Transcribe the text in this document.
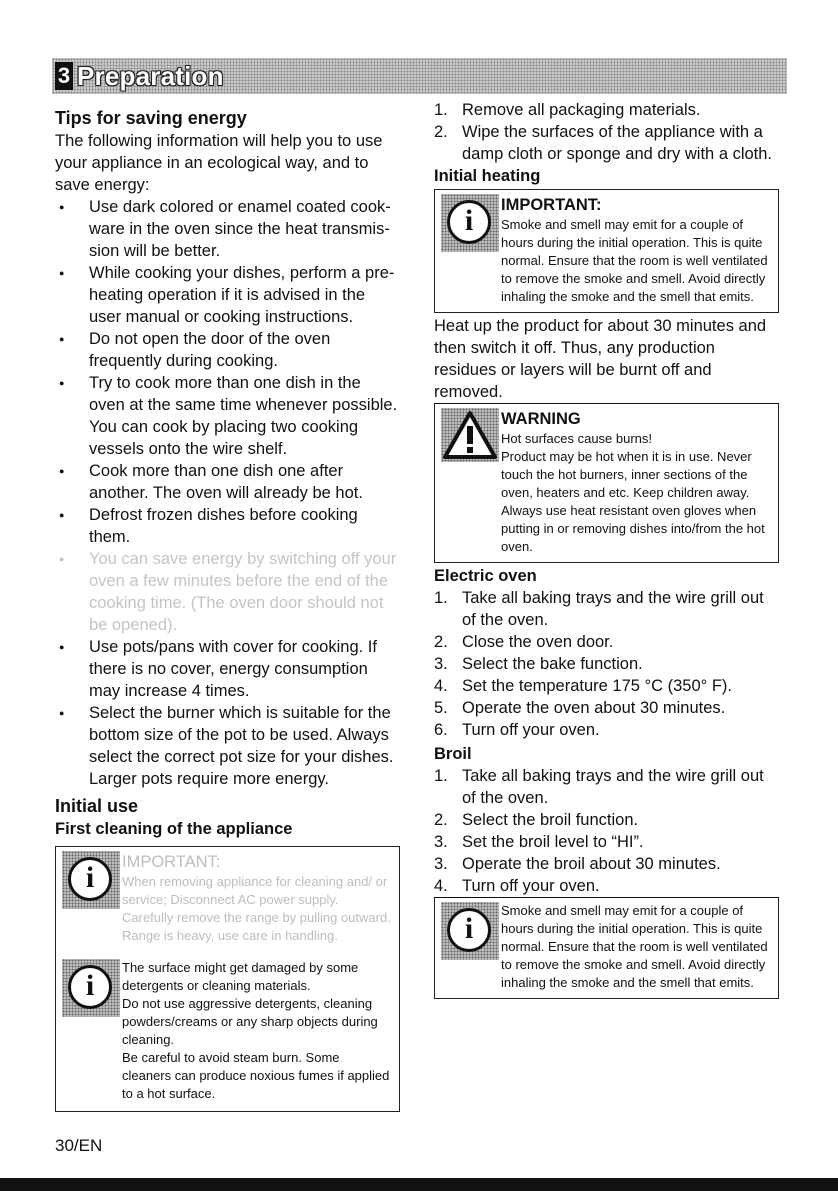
3 Preparation
Tips for saving energy

The following information will help you to use your appliance in an ecological way, and to save energy:

● Use dark colored or enamel coated cook-ware in the oven since the heat transmis-sion will be better.
● While cooking your dishes, perform a pre-heating operation if it is advised in the user manual or cooking instructions.
● Do not open the door of the oven frequently during cooking.
● Try to cook more than one dish in the oven at the same time whenever possible. You can cook by placing two cooking vessels onto the wire shelf.
● Cook more than one dish one after another. The oven will already be hot.
● Defrost frozen dishes before cooking them.
● You can save energy by switching off your oven a few minutes before the end of the cooking time. (The oven door should not be opened).
● Use pots/pans with cover for cooking. If there is no cover, energy consumption may increase 4 times.
● Select the burner which is suitable for the bottom size of the pot to be used. Always select the correct pot size for your dishes. Larger pots require more energy.
Initial use
First cleaning of the appliance
i	IMPORTANT:
When removing appliance for cleaning and/ or service; Disconnect AC power supply.
Carefully remove the range by pulling outward. Range is heavy, use care in handling.
i
The surface might get damaged by some detergents or cleaning materials.
Do not use aggressive detergents, cleaning powders/creams or any sharp objects during cleaning.
Be careful to avoid steam burn. Some cleaners can produce noxious fumes if applied to a hot surface.
1. Remove all packaging materials.
2. Wipe the surfaces of the appliance with a damp cloth or sponge and dry with a cloth.
Initial heating
i	IMPORTANT:
Smoke and smell may emit for a couple of hours during the initial operation. This is quite normal. Ensure that the room is well ventilated
to remove the smoke and smell. Avoid directly inhaling the smoke and the smell that emits.

Heat up the product for about 30 minutes and then switch it off. Thus, any production residues or layers will be burnt off and removed.

WARNING
Hot surfaces cause burns!
Product may be hot when it is in use. Never touch the hot burners, inner sections of the oven, heaters and etc. Keep children away. Always use heat resistant oven gloves when putting in or removing dishes into/from the hot oven.
Electric oven
1. Take all baking trays and the wire grill out of the oven.
2. Close the oven door.
3. Select the bake function.
4. Set the temperature 175 °C (350° F).
5. Operate the oven about 30 minutes.
6. Turn off your oven.
Broil
1. Take all baking trays and the wire grill out of the oven.
2. Select the broil function.
3. Set the broil level to “HI”.
3. Operate the broil about 30 minutes.
4. Turn off your oven.
i
Smoke and smell may emit for a couple of hours during the initial operation. This is quite normal. Ensure that the room is well ventilated to remove the smoke and smell. Avoid directly inhaling the smoke and the smell that emits.
30/EN
